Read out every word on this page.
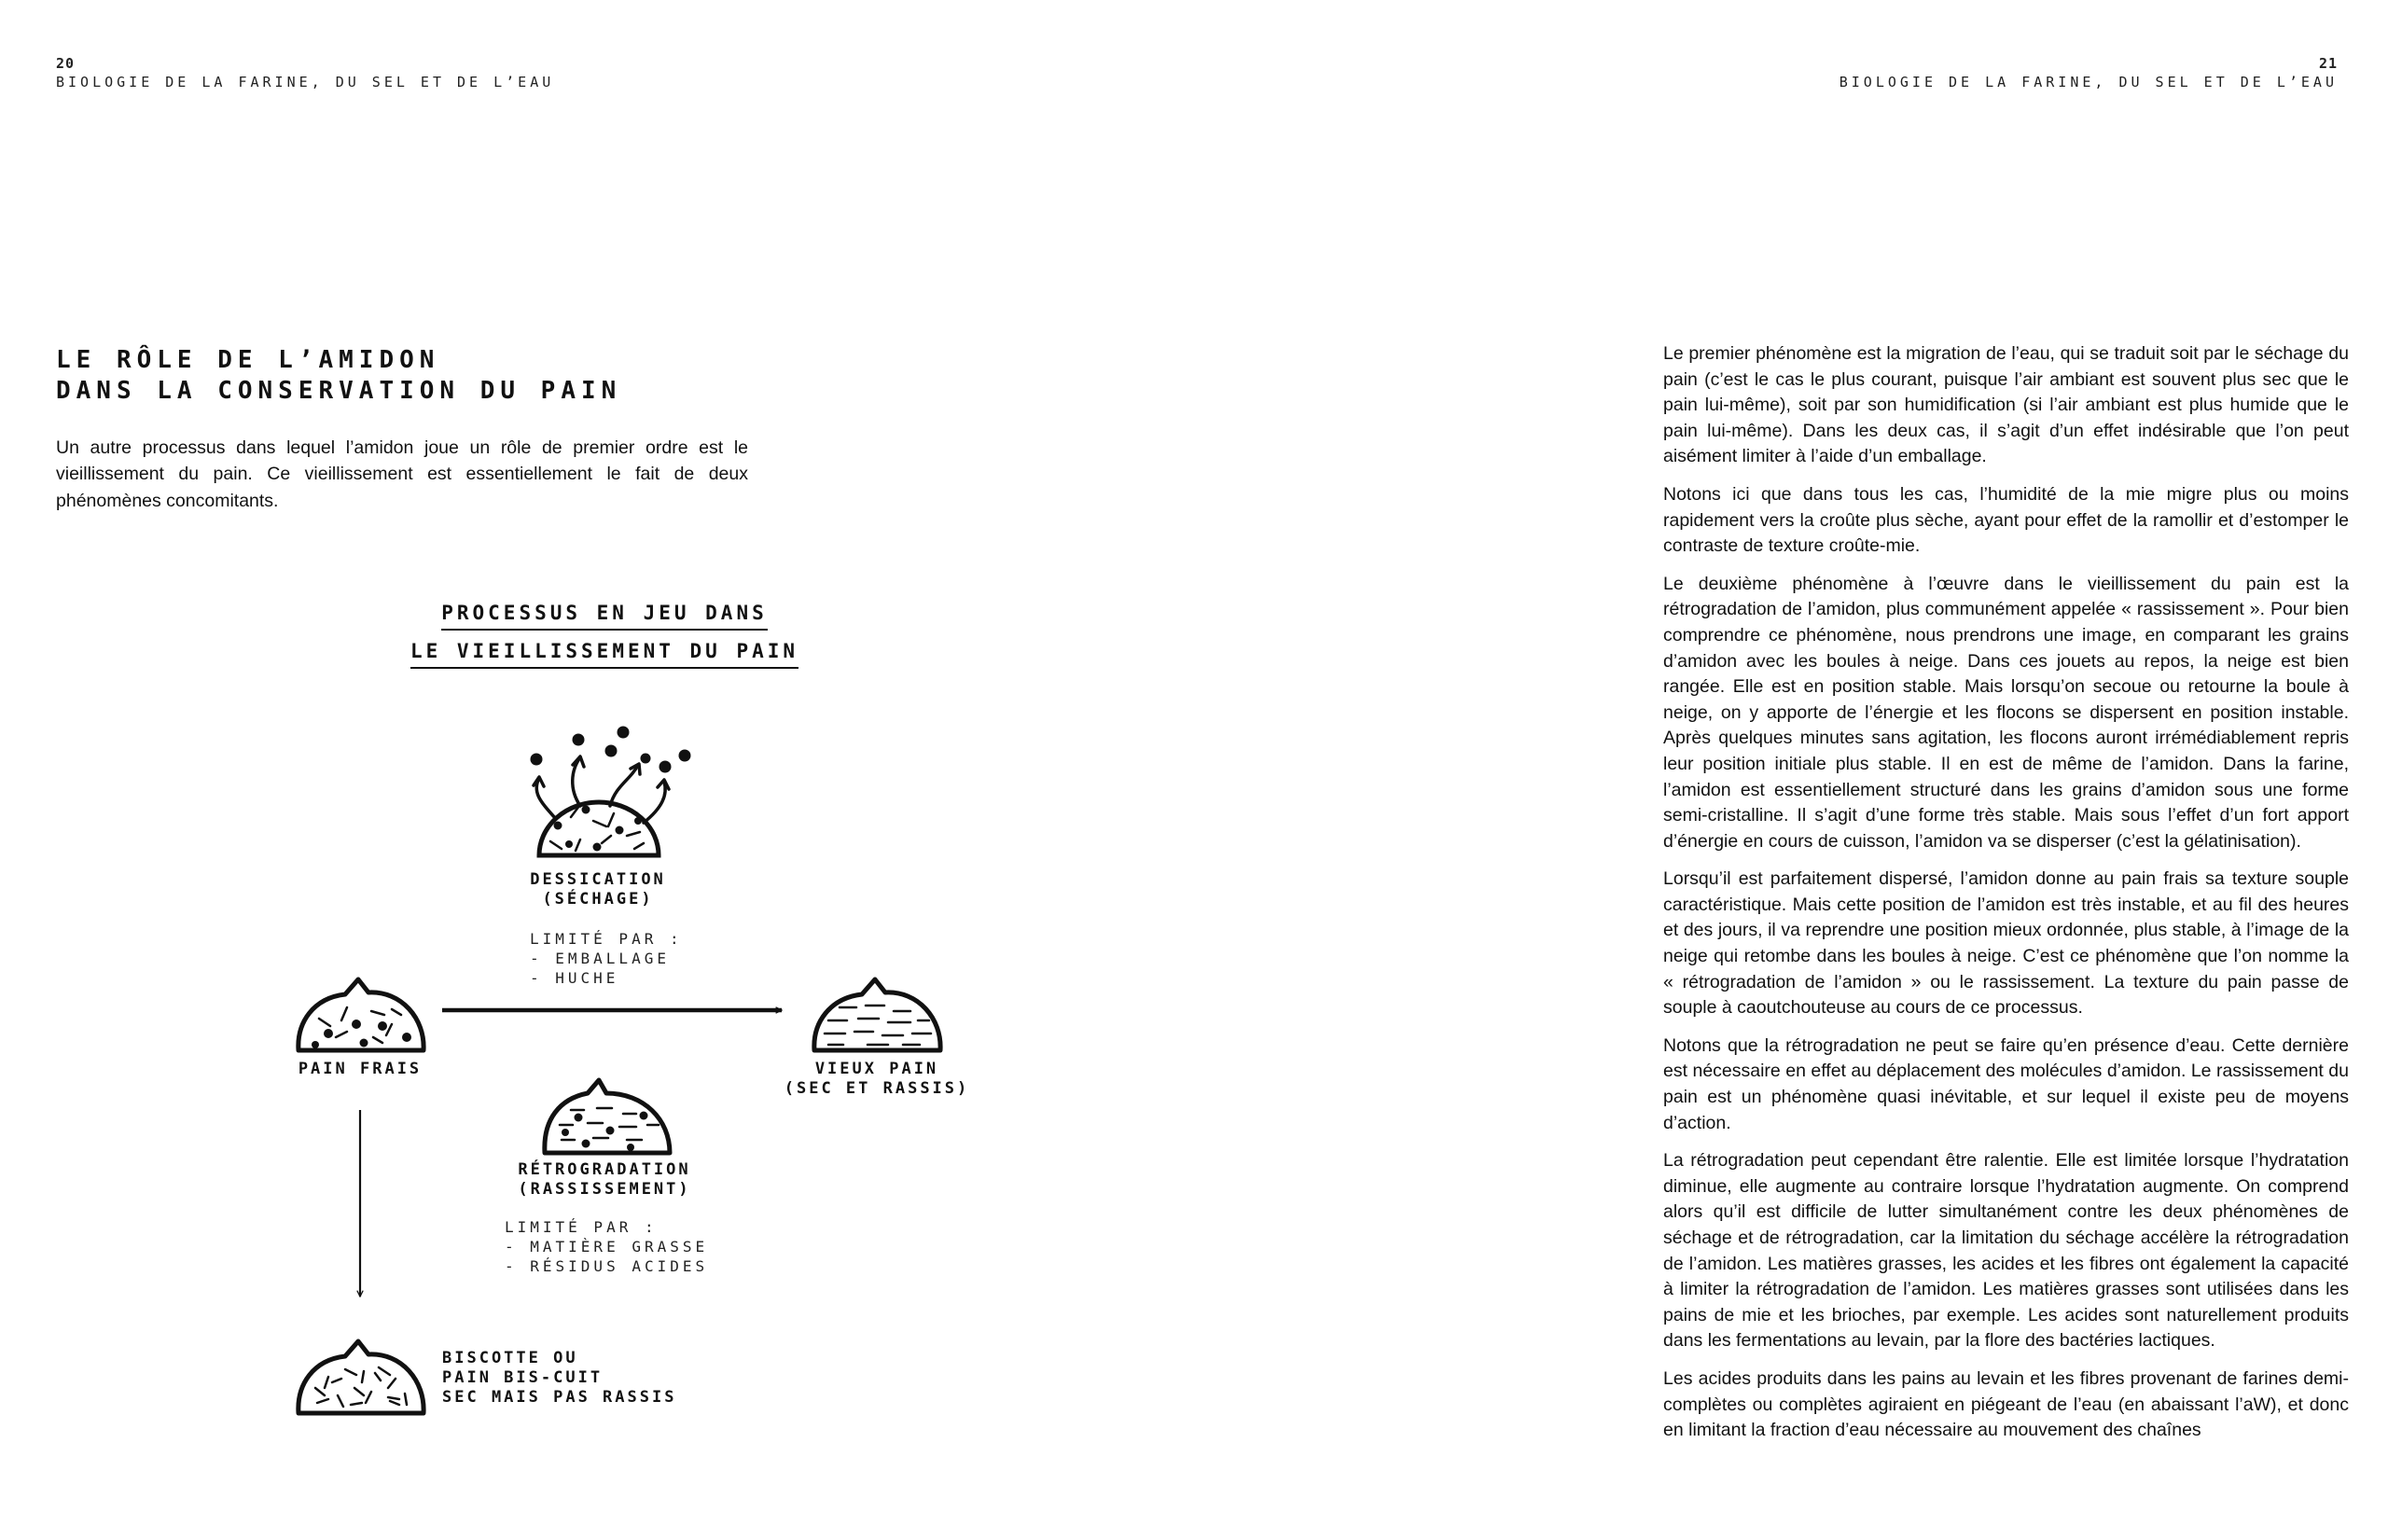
20
BIOLOGIE DE LA FARINE, DU SEL ET DE L’EAU
21
BIOLOGIE DE LA FARINE, DU SEL ET DE L’EAU
LE RÔLE DE L’AMIDON
DANS LA CONSERVATION DU PAIN

Un autre processus dans lequel l’amidon joue un rôle de premier ordre est le vieillissement du pain. Ce vieillissement est essentiellement le fait de deux phénomènes concomitants.

PROCESSUS EN JEU DANS
LE VIEILLISSEMENT DU PAIN
DESSICATION
(SÉCHAGE)
LIMITÉ PAR :
- EMBALLAGE
- HUCHE
PAIN FRAIS	VIEUX PAIN
(SEC ET RASSIS)
RÉTROGRADATION
(RASSISSEMENT)
LIMITÉ PAR :
- MATIÈRE GRASSE
- RÉSIDUS ACIDES
BISCOTTE OU
PAIN BIS-CUIT
SEC MAIS PAS RASSIS

Le premier phénomène est la migration de l’eau, qui se traduit soit par le séchage du pain (c’est le cas le plus courant, puisque l’air ambiant est souvent plus sec que le pain lui-même), soit par son humidification (si l’air ambiant est plus humide que le pain lui-même). Dans les deux cas, il s’agit d’un effet indésirable que l’on peut aisément limiter à l’aide d’un emballage.

Notons ici que dans tous les cas, l’humidité de la mie migre plus ou moins rapidement vers la croûte plus sèche, ayant pour effet de la ramollir et d’estomper le contraste de texture croûte-mie.

Le deuxième phénomène à l’œuvre dans le vieillissement du pain est la rétrogradation de l’amidon, plus communément appelée « rassissement ». Pour bien comprendre ce phénomène, nous prendrons une image, en comparant les grains d’amidon avec les boules à neige. Dans ces jouets au repos, la neige est bien rangée. Elle est en position stable. Mais lorsqu’on secoue ou retourne la boule à neige, on y apporte de l’énergie et les flocons se dispersent en position instable. Après quelques minutes sans agitation, les flocons auront irrémédiablement repris leur position initiale plus stable. Il en est de même de l’amidon. Dans la farine, l’amidon est essentiellement structuré dans les grains d’amidon sous une forme semi-cristalline. Il s’agit d’une forme très stable. Mais sous l’effet d’un fort apport d’énergie en cours de cuisson, l’amidon va se disperser (c’est la gélatinisation).

Lorsqu’il est parfaitement dispersé, l’amidon donne au pain frais sa texture souple caractéristique. Mais cette position de l’amidon est très instable, et au fil des heures et des jours, il va reprendre une position mieux ordonnée, plus stable, à l’image de la neige qui retombe dans les boules à neige. C’est ce phénomène que l’on nomme la « rétrogradation de l’amidon » ou le rassissement. La texture du pain passe de souple à caoutchouteuse au cours de ce processus.

Notons que la rétrogradation ne peut se faire qu’en présence d’eau. Cette dernière est nécessaire en effet au déplacement des molécules d’amidon. Le rassissement du pain est un phénomène quasi inévitable, et sur lequel il existe peu de moyens d’action.

La rétrogradation peut cependant être ralentie. Elle est limitée lorsque l’hydratation diminue, elle augmente au contraire lorsque l’hydratation augmente. On comprend alors qu’il est difficile de lutter simultanément contre les deux phénomènes de séchage et de rétrogradation, car la limitation du séchage accélère la rétrogradation de l’amidon. Les matières grasses, les acides et les fibres ont également la capacité à limiter la rétrogradation de l’amidon. Les matières grasses sont utilisées dans les pains de mie et les brioches, par exemple. Les acides sont naturellement produits dans les fermentations au levain, par la flore des bactéries lactiques.

Les acides produits dans les pains au levain et les fibres provenant de farines demi-complètes ou complètes agiraient en piégeant de l’eau (en abaissant l’aW), et donc en limitant la fraction d’eau nécessaire au mouvement des chaînes
